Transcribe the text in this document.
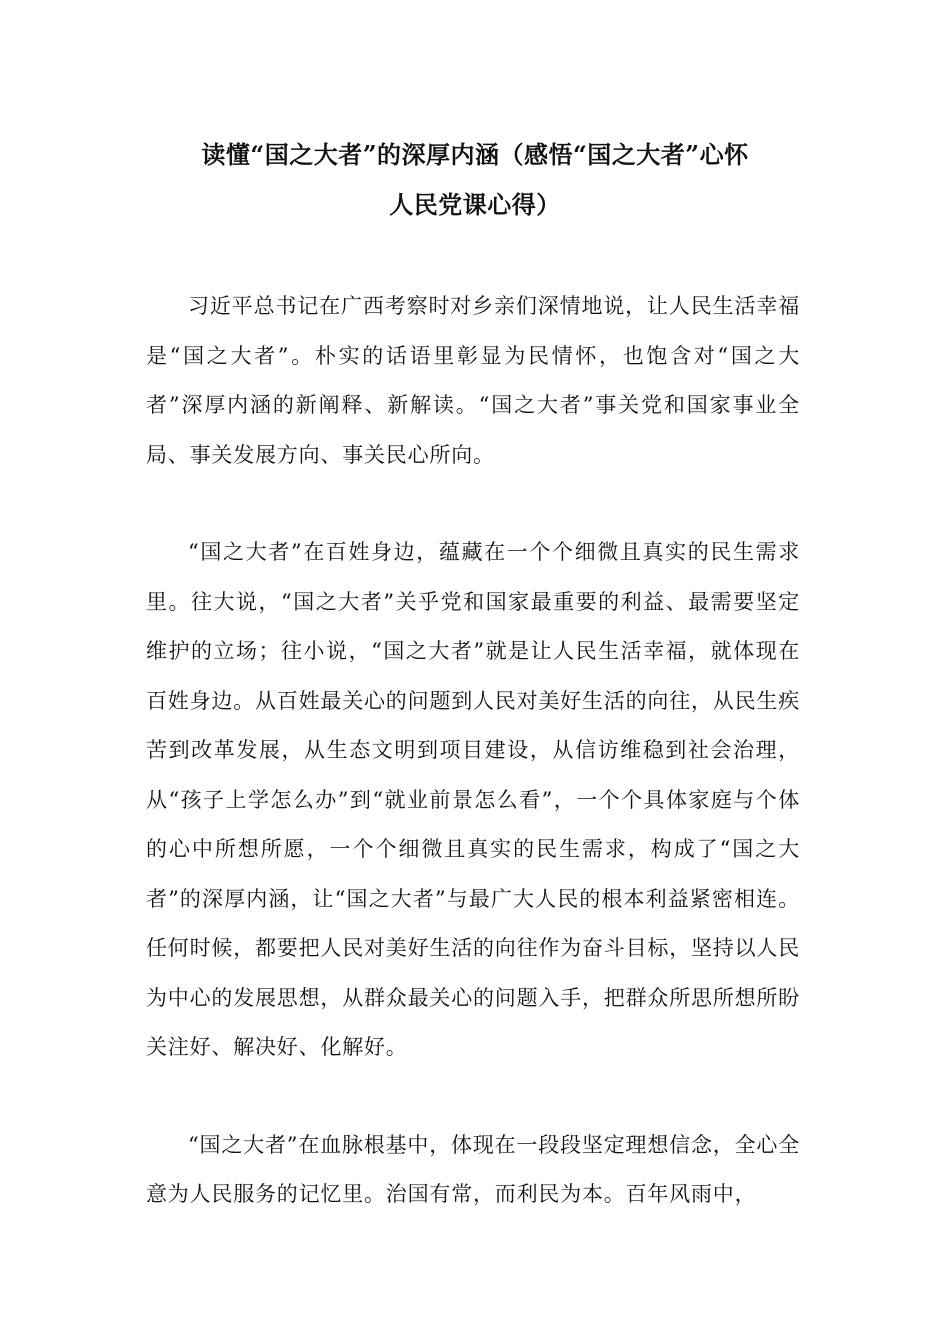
读懂“国之大者”的深厚内涵（感悟“国之大者”心怀
人民党课心得）

习近平总书记在广西考察时对乡亲们深情地说，让人民生活幸福是“国之大者”。朴实的话语里彰显为民情怀，也饱含对“国之大者”深厚内涵的新阐释、新解读。“国之大者”事关党和国家事业全局、事关发展方向、事关民心所向。

“国之大者”在百姓身边，蕴藏在一个个细微且真实的民生需求里。往大说，“国之大者”关乎党和国家最重要的利益、最需要坚定维护的立场；往小说，“国之大者”就是让人民生活幸福，就体现在百姓身边。从百姓最关心的问题到人民对美好生活的向往，从民生疾苦到改革发展，从生态文明到项目建设，从信访维稳到社会治理，从“孩子上学怎么办”到“就业前景怎么看”，一个个具体家庭与个体的心中所想所愿，一个个细微且真实的民生需求，构成了“国之大者”的深厚内涵，让“国之大者”与最广大人民的根本利益紧密相连。任何时候，都要把人民对美好生活的向往作为奋斗目标，坚持以人民为中心的发展思想，从群众最关心的问题入手，把群众所思所想所盼关注好、解决好、化解好。

“国之大者”在血脉根基中，体现在一段段坚定理想信念，全心全意为人民服务的记忆里。治国有常，而利民为本。百年风雨中，
